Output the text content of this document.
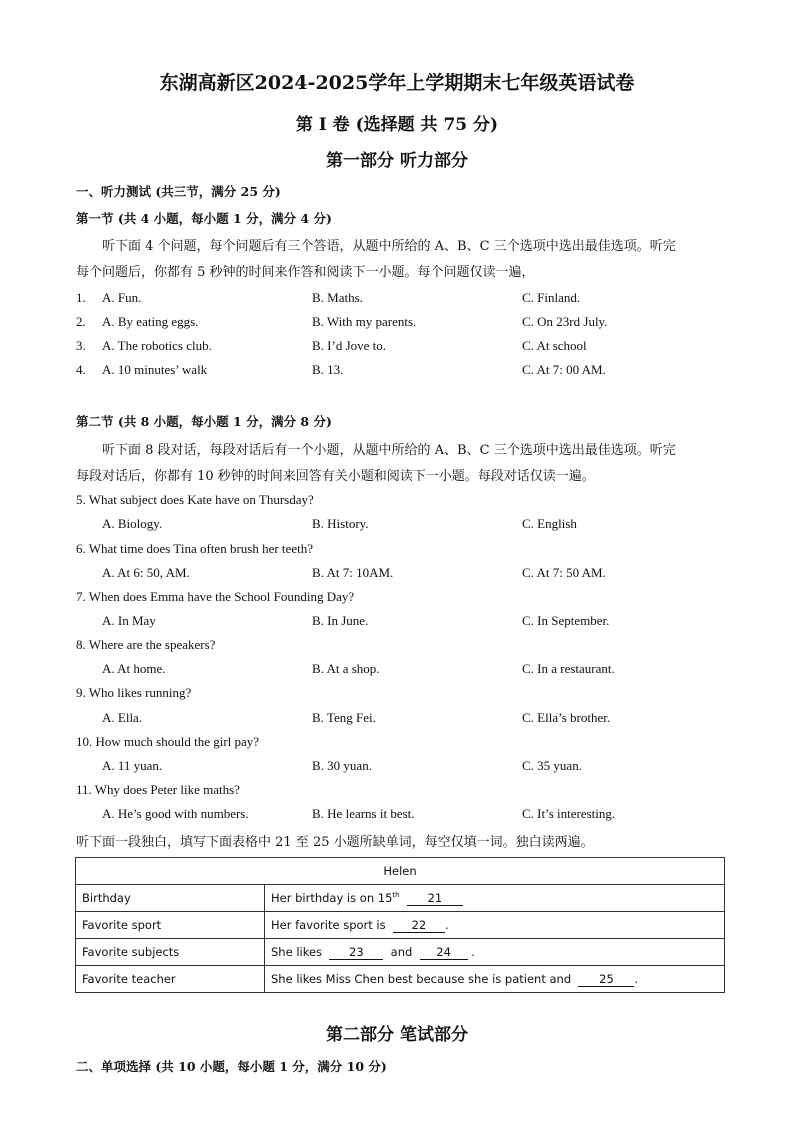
东湖高新区2024-2025学年上学期期末七年级英语试卷
第 I 卷 (选择题 共 75 分)
第一部分 听力部分
一、听力测试 (共三节，满分 25 分)
第一节 (共 4 小题，每小题 1 分，满分 4 分)
听下面 4 个问题，每个问题后有三个答语，从题中所给的 A、B、C 三个选项中选出最佳选项。听完
每个问题后，你都有 5 秒钟的时间来作答和阅读下一小题。每个问题仅读一遍，
1. A. Fun.	B. Maths.	C. Finland.
2. A. By eating eggs.	B. With my parents.	C. On 23rd July.
3. A. The robotics club.	B. I’d Jove to.	C. At school
4. A. 10 minutes’ walk	B. 13.	C. At 7: 00 AM.
第二节 (共 8 小题，每小题 1 分，满分 8 分)
听下面 8 段对话，每段对话后有一个小题，从题中所给的 A、B、C 三个选项中选出最佳选项。听完
每段对话后，你都有 10 秒钟的时间来回答有关小题和阅读下一小题。每段对话仅读一遍。
5. What subject does Kate have on Thursday?
A. Biology.	B. History.	C. English
6. What time does Tina often brush her teeth?
A. At 6: 50, AM.	B. At 7: 10AM.	C. At 7: 50 AM.
7. When does Emma have the School Founding Day?
A. In May	B. In June.	C. In September.
8. Where are the speakers?
A. At home.	B. At a shop.	C. In a restaurant.
9. Who likes running?
A. Ella.	B. Teng Fei.	C. Ella’s brother.
10. How much should the girl pay?
A. 11 yuan.	B. 30 yuan.	C. 35 yuan.
11. Why does Peter like maths?
A. He’s good with numbers.	B. He learns it best.	C. It’s interesting.
听下面一段独白，填写下面表格中 21 至 25 小题所缺单词，每空仅填一词。独白读两遍。
Helen	
Birthday	Her birthday is on 15th 21
Favorite sport	Her favorite sport is  22 .
Favorite subjects	She likes  23  and  24 .
Favorite teacher	She likes Miss Chen best because she is patient and  25 .
第二部分 笔试部分
二、单项选择 (共 10 小题，每小题 1 分，满分 10 分)
